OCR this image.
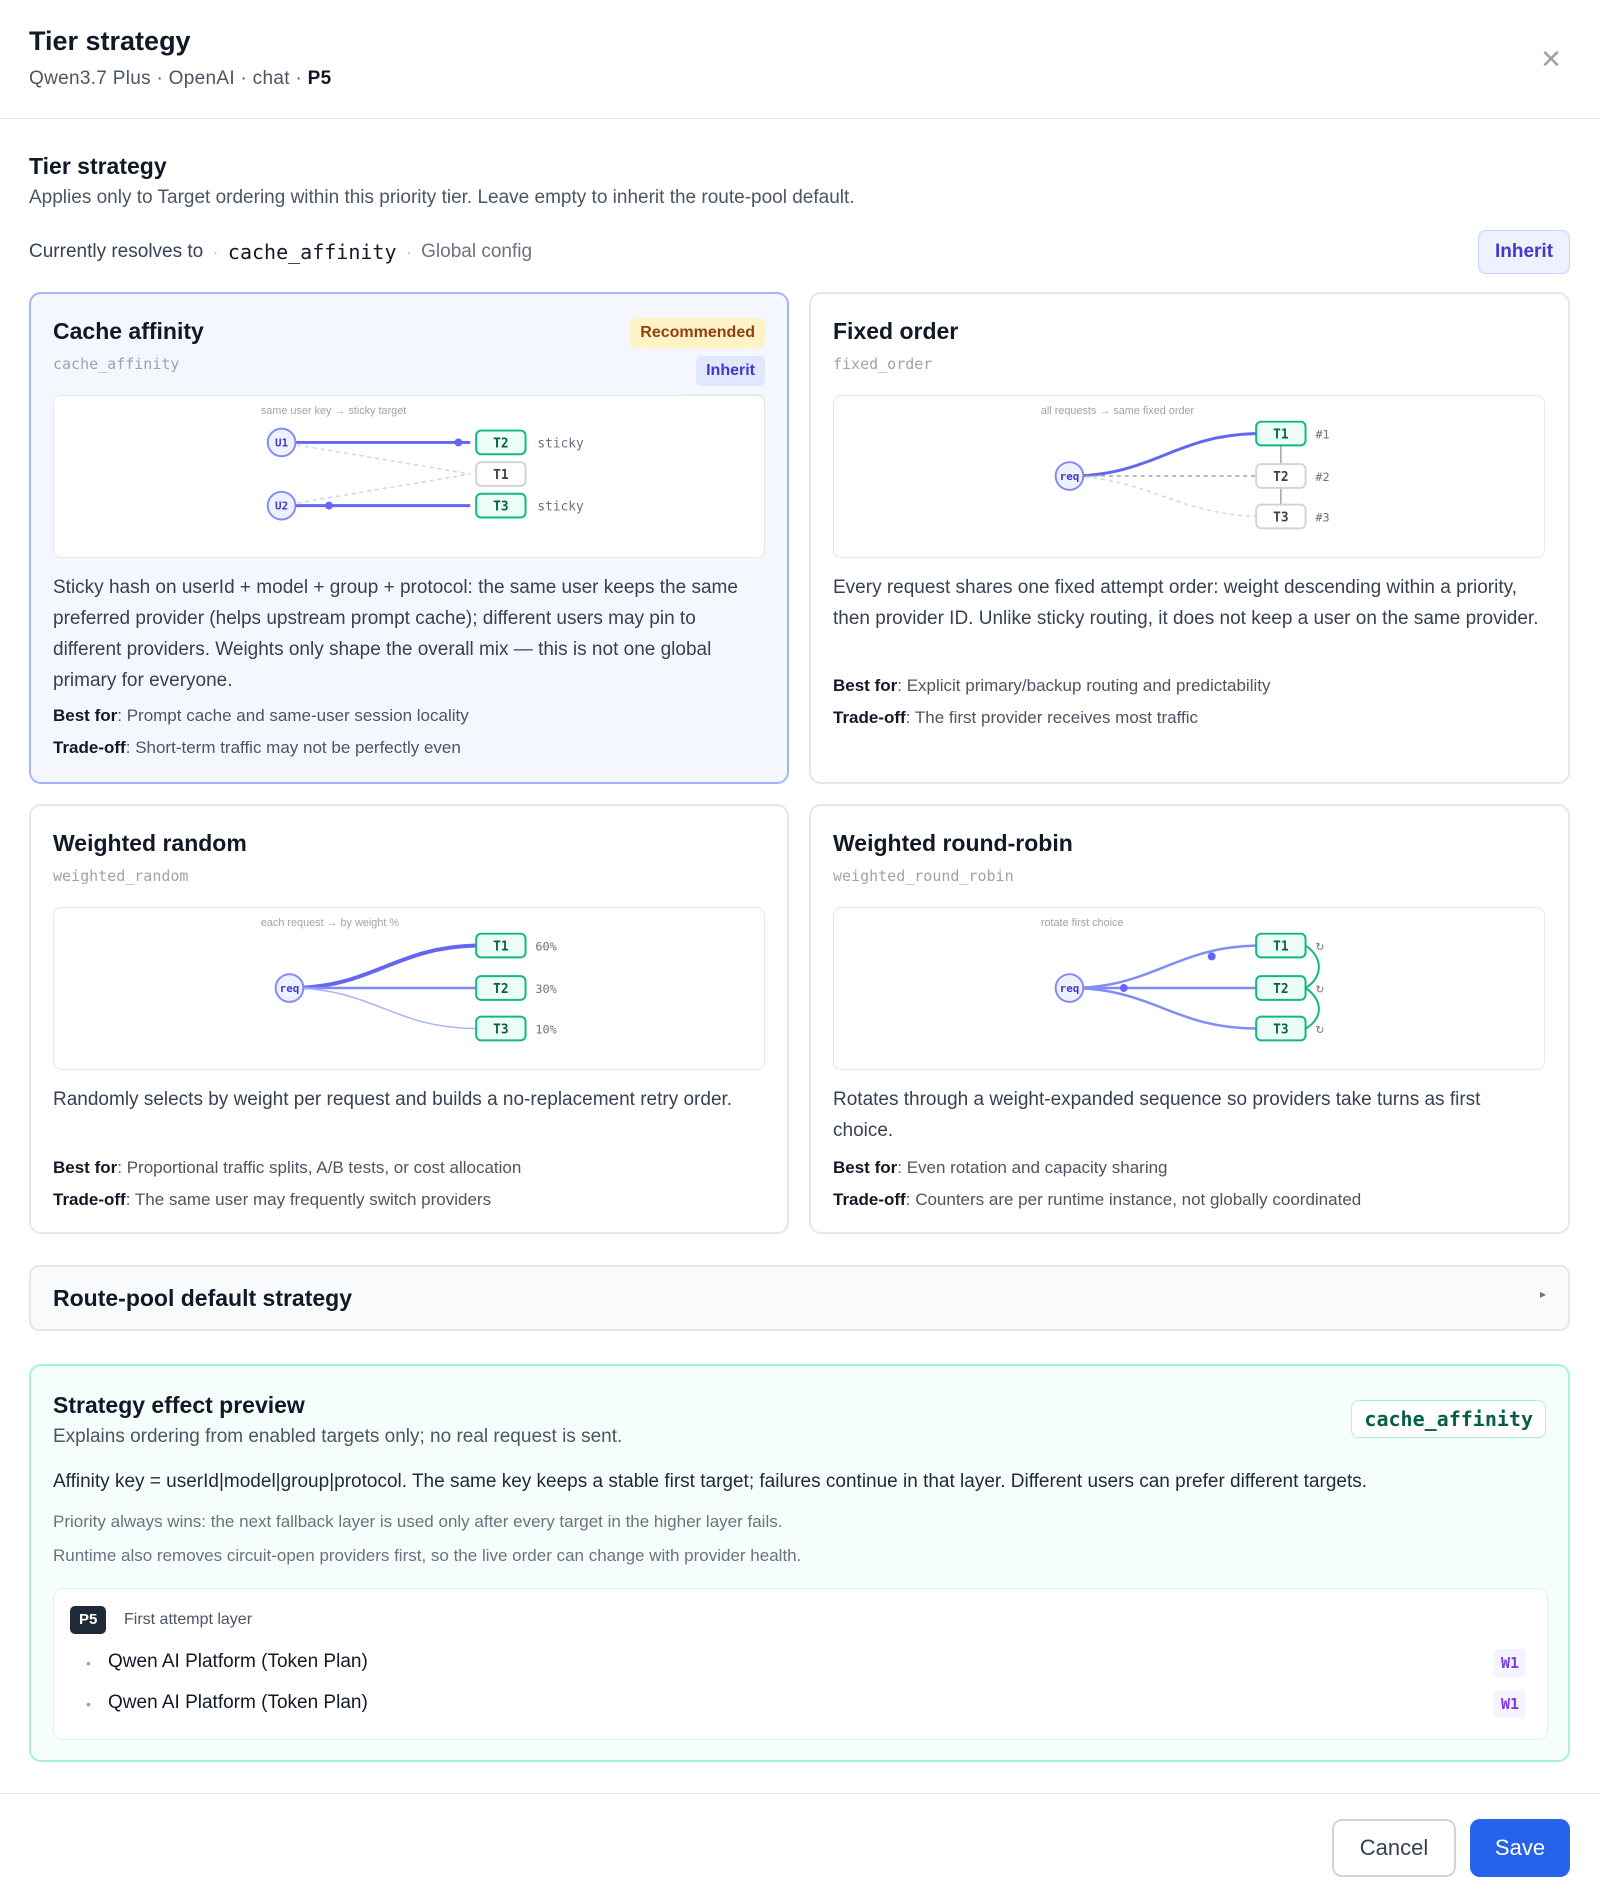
Tier strategy
Qwen3.7 Plus · OpenAI · chat · P5
✕
Tier strategy
Applies only to Target ordering within this priority tier. Leave empty to inherit the route-pool default.
Currently resolves to · cache_affinity · Global config	Inherit
Cache affinity
cache_affinity
Recommended
Inherit
same user key → sticky target
U1
U2
T2
T1
T3
sticky
sticky
Sticky hash on userId + model + group + protocol: the same user keeps the same preferred provider (helps upstream prompt cache); different users may pin to different providers. Weights only shape the overall mix — this is not one global primary for everyone.
Best for: Prompt cache and same-user session locality
Trade-off: Short-term traffic may not be perfectly even
Fixed order
fixed_order
all requests → same fixed order
req
T1
T2
T3
#1
#2
#3
Every request shares one fixed attempt order: weight descending within a priority, then provider ID. Unlike sticky routing, it does not keep a user on the same provider.
Best for: Explicit primary/backup routing and predictability
Trade-off: The first provider receives most traffic
Weighted random
weighted_random
each request → by weight %
req
T1
T2
T3
60%
30%
10%
Randomly selects by weight per request and builds a no-replacement retry order.
Best for: Proportional traffic splits, A/B tests, or cost allocation
Trade-off: The same user may frequently switch providers
Weighted round-robin
weighted_round_robin
rotate first choice
req
T1
T2
T3
↻
↻
↻
Rotates through a weight-expanded sequence so providers take turns as first choice.
Best for: Even rotation and capacity sharing
Trade-off: Counters are per runtime instance, not globally coordinated
Route-pool default strategy	▸
Strategy effect preview
Explains ordering from enabled targets only; no real request is sent.
cache_affinity
Affinity key = userId|model|group|protocol. The same key keeps a stable first target; failures continue in that layer. Different users can prefer different targets.
Priority always wins: the next fallback layer is used only after every target in the higher layer fails.
Runtime also removes circuit-open providers first, so the live order can change with provider health.
P5	First attempt layer
• Qwen AI Platform (Token Plan)	W1
• Qwen AI Platform (Token Plan)	W1
Cancel	Save
